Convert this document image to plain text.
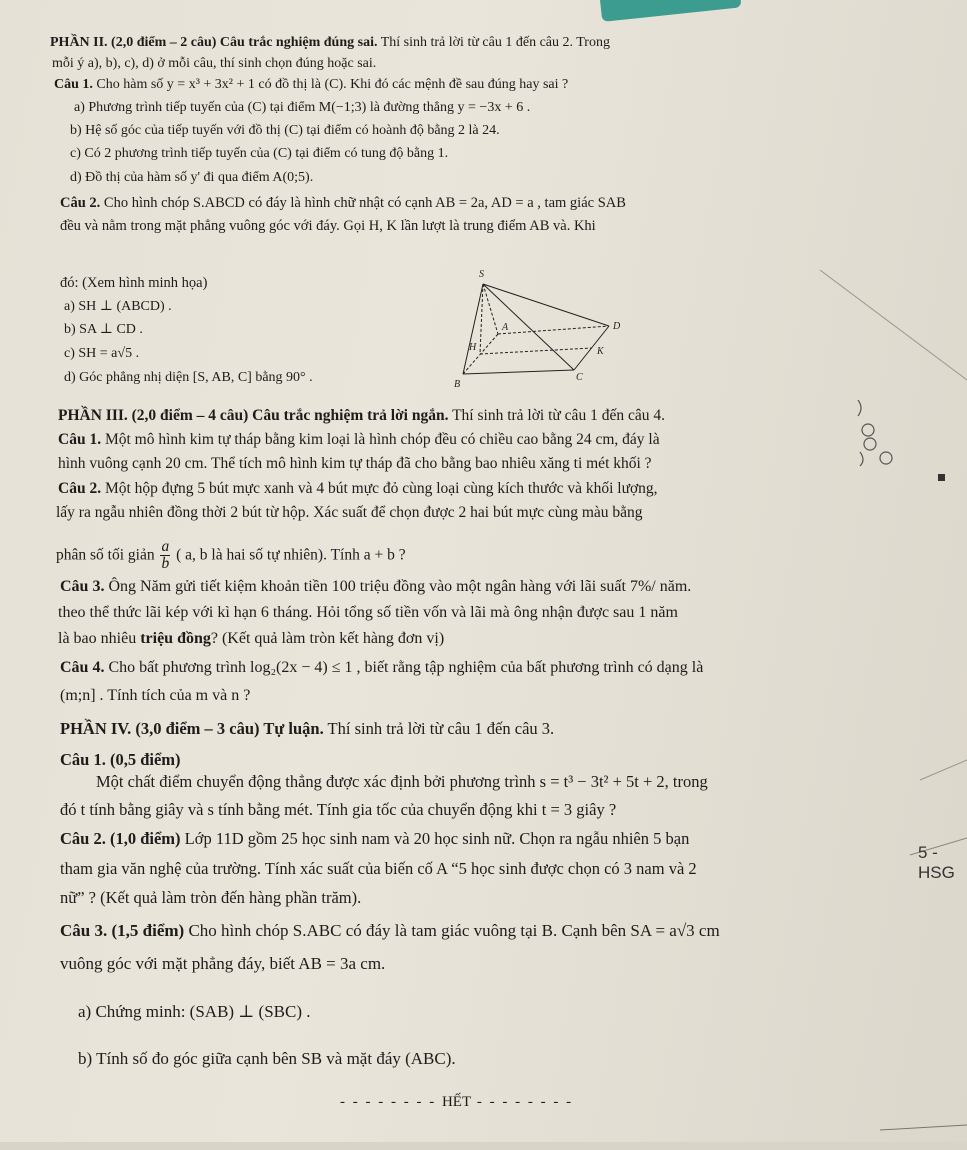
PHẦN II. (2,0 điểm – 2 câu) Câu trắc nghiệm đúng sai. Thí sinh trả lời từ câu 1 đến câu 2. Trong
mỗi ý a), b), c), d) ở mỗi câu, thí sinh chọn đúng hoặc sai.
Câu 1. Cho hàm số y = x³ + 3x² + 1 có đồ thị là (C). Khi đó các mệnh đề sau đúng hay sai ?
a) Phương trình tiếp tuyến của (C) tại điểm M(−1;3) là đường thẳng y = −3x + 6 .
b) Hệ số góc của tiếp tuyến với đồ thị (C) tại điểm có hoành độ bằng 2 là 24.
c) Có 2 phương trình tiếp tuyến của (C) tại điểm có tung độ bằng 1.
d) Đồ thị của hàm số y' đi qua điểm A(0;5).
Câu 2. Cho hình chóp S.ABCD có đáy là hình chữ nhật có cạnh AB = 2a, AD = a , tam giác SAB
đều và nằm trong mặt phẳng vuông góc với đáy. Gọi H, K lần lượt là trung điểm AB và. Khi
đó: (Xem hình minh họa)
a) SH ⊥ (ABCD) .
b) SA ⊥ CD .
c) SH = a√5 .
d) Góc phẳng nhị diện [S, AB, C] bằng 90° .
S
A	D
H	K
B
C
PHẦN III. (2,0 điểm – 4 câu) Câu trắc nghiệm trả lời ngắn. Thí sinh trả lời từ câu 1 đến câu 4.
Câu 1. Một mô hình kim tự tháp bằng kim loại là hình chóp đều có chiều cao bằng 24 cm, đáy là
hình vuông cạnh 20 cm. Thể tích mô hình kim tự tháp đã cho bằng bao nhiêu xăng ti mét khối ?
Câu 2. Một hộp đựng 5 bút mực xanh và 4 bút mực đỏ cùng loại cùng kích thước và khối lượng,
lấy ra ngẫu nhiên đồng thời 2 bút từ hộp. Xác suất để chọn được 2 hai bút mực cùng màu bằng
phân số tối giản $\frac{a}{b}$ ( a, b là hai số tự nhiên). Tính a + b ?
Câu 3. Ông Năm gửi tiết kiệm khoản tiền 100 triệu đồng vào một ngân hàng với lãi suất 7%/ năm.
theo thể thức lãi kép với kì hạn 6 tháng. Hỏi tổng số tiền vốn và lãi mà ông nhận được sau 1 năm
là bao nhiêu triệu đồng? (Kết quả làm tròn kết hàng đơn vị)
Câu 4. Cho bất phương trình log₂(2x − 4) ≤ 1 , biết rằng tập nghiệm của bất phương trình có dạng là
(m;n] . Tính tích của m và n ?
PHẦN IV. (3,0 điểm – 3 câu) Tự luận. Thí sinh trả lời từ câu 1 đến câu 3.
Câu 1. (0,5 điểm)
Một chất điểm chuyển động thẳng được xác định bởi phương trình s = t³ − 3t² + 5t + 2, trong
đó t tính bằng giây và s tính bằng mét. Tính gia tốc của chuyển động khi t = 3 giây ?
Câu 2. (1,0 điểm) Lớp 11D gồm 25 học sinh nam và 20 học sinh nữ. Chọn ra ngẫu nhiên 5 bạn
tham gia văn nghệ của trường. Tính xác suất của biến cố A “5 học sinh được chọn có 3 nam và 2
nữ” ? (Kết quả làm tròn đến hàng phần trăm).
Câu 3. (1,5 điểm) Cho hình chóp S.ABC có đáy là tam giác vuông tại B. Cạnh bên SA = a√3 cm
vuông góc với mặt phẳng đáy, biết AB = 3a cm.
a) Chứng minh: (SAB) ⊥ (SBC) .
b) Tính số đo góc giữa cạnh bên SB và mặt đáy (ABC).
- - - - - - - - HẾT - - - - - - - -
5 - HSG
